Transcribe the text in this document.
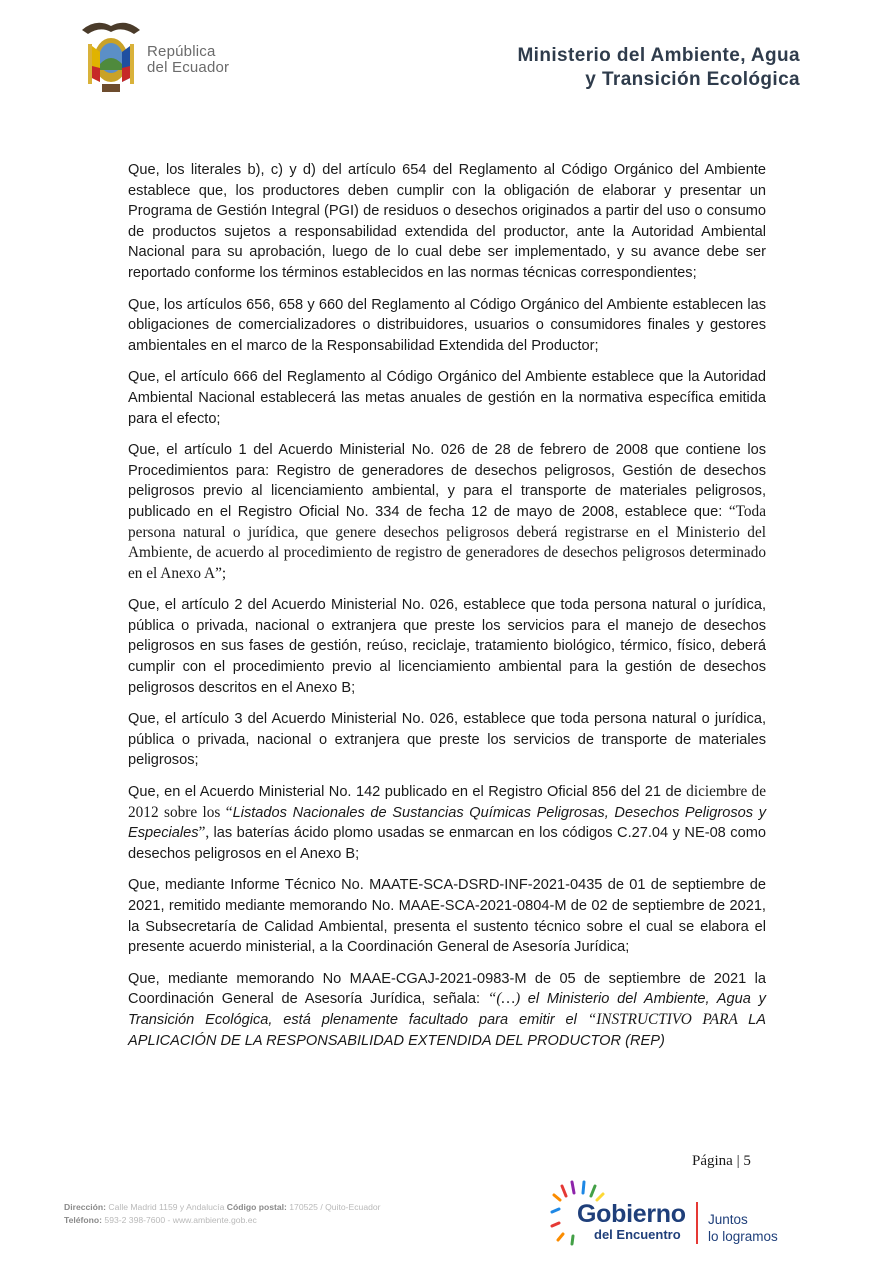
República
del Ecuador
Ministerio del Ambiente, Agua
y Transición Ecológica

Que, los literales b), c) y d) del artículo 654 del Reglamento al Código Orgánico del Ambiente establece que, los productores deben cumplir con la obligación de elaborar y presentar un Programa de Gestión Integral (PGI) de residuos o desechos originados a partir del uso o consumo de productos sujetos a responsabilidad extendida del productor, ante la Autoridad Ambiental Nacional para su aprobación, luego de lo cual debe ser implementado, y su avance debe ser reportado conforme los términos establecidos en las normas técnicas correspondientes;

Que, los artículos 656, 658 y 660 del Reglamento al Código Orgánico del Ambiente establecen las obligaciones de comercializadores o distribuidores, usuarios o consumidores finales y gestores ambientales en el marco de la Responsabilidad Extendida del Productor;

Que, el artículo 666 del Reglamento al Código Orgánico del Ambiente establece que la Autoridad Ambiental Nacional establecerá las metas anuales de gestión en la normativa específica emitida para el efecto;

Que, el artículo 1 del Acuerdo Ministerial No. 026 de 28 de febrero de 2008 que contiene los Procedimientos para: Registro de generadores de desechos peligrosos, Gestión de desechos peligrosos previo al licenciamiento ambiental, y para el transporte de materiales peligrosos, publicado en el Registro Oficial No. 334 de fecha 12 de mayo de 2008, establece que: “Toda persona natural o jurídica, que genere desechos peligrosos deberá registrarse en el Ministerio del Ambiente, de acuerdo al procedimiento de registro de generadores de desechos peligrosos determinado en el Anexo A”;

Que, el artículo 2 del Acuerdo Ministerial No. 026, establece que toda persona natural o jurídica, pública o privada, nacional o extranjera que preste los servicios para el manejo de desechos peligrosos en sus fases de gestión, reúso, reciclaje, tratamiento biológico, térmico, físico, deberá cumplir con el procedimiento previo al licenciamiento ambiental para la gestión de desechos peligrosos descritos en el Anexo B;

Que, el artículo 3 del Acuerdo Ministerial No. 026, establece que toda persona natural o jurídica, pública o privada, nacional o extranjera que preste los servicios de transporte de materiales peligrosos;

Que, en el Acuerdo Ministerial No. 142 publicado en el Registro Oficial 856 del 21 de diciembre de 2012 sobre los “Listados Nacionales de Sustancias Químicas Peligrosas, Desechos Peligrosos y Especiales”, las baterías ácido plomo usadas se enmarcan en los códigos C.27.04 y NE-08 como desechos peligrosos en el Anexo B;

Que, mediante Informe Técnico No. MAATE-SCA-DSRD-INF-2021-0435 de 01 de septiembre de 2021, remitido mediante memorando No. MAAE-SCA-2021-0804-M de 02 de septiembre de 2021, la Subsecretaría de Calidad Ambiental, presenta el sustento técnico sobre el cual se elabora el presente acuerdo ministerial, a la Coordinación General de Asesoría Jurídica;

Que, mediante memorando No MAAE-CGAJ-2021-0983-M de 05 de septiembre de 2021 la Coordinación General de Asesoría Jurídica, señala: “(…) el Ministerio del Ambiente, Agua y Transición Ecológica, está plenamente facultado para emitir el “INSTRUCTIVO PARA LA APLICACIÓN DE LA RESPONSABILIDAD EXTENDIDA DEL PRODUCTOR (REP)

Página | 5
Dirección: Calle Madrid 1159 y Andalucía Código postal: 170525 / Quito-Ecuador
Teléfono: 593-2 398-7600 - www.ambiente.gob.ec	Gobierno
del Encuentro
Juntos
lo logramos
